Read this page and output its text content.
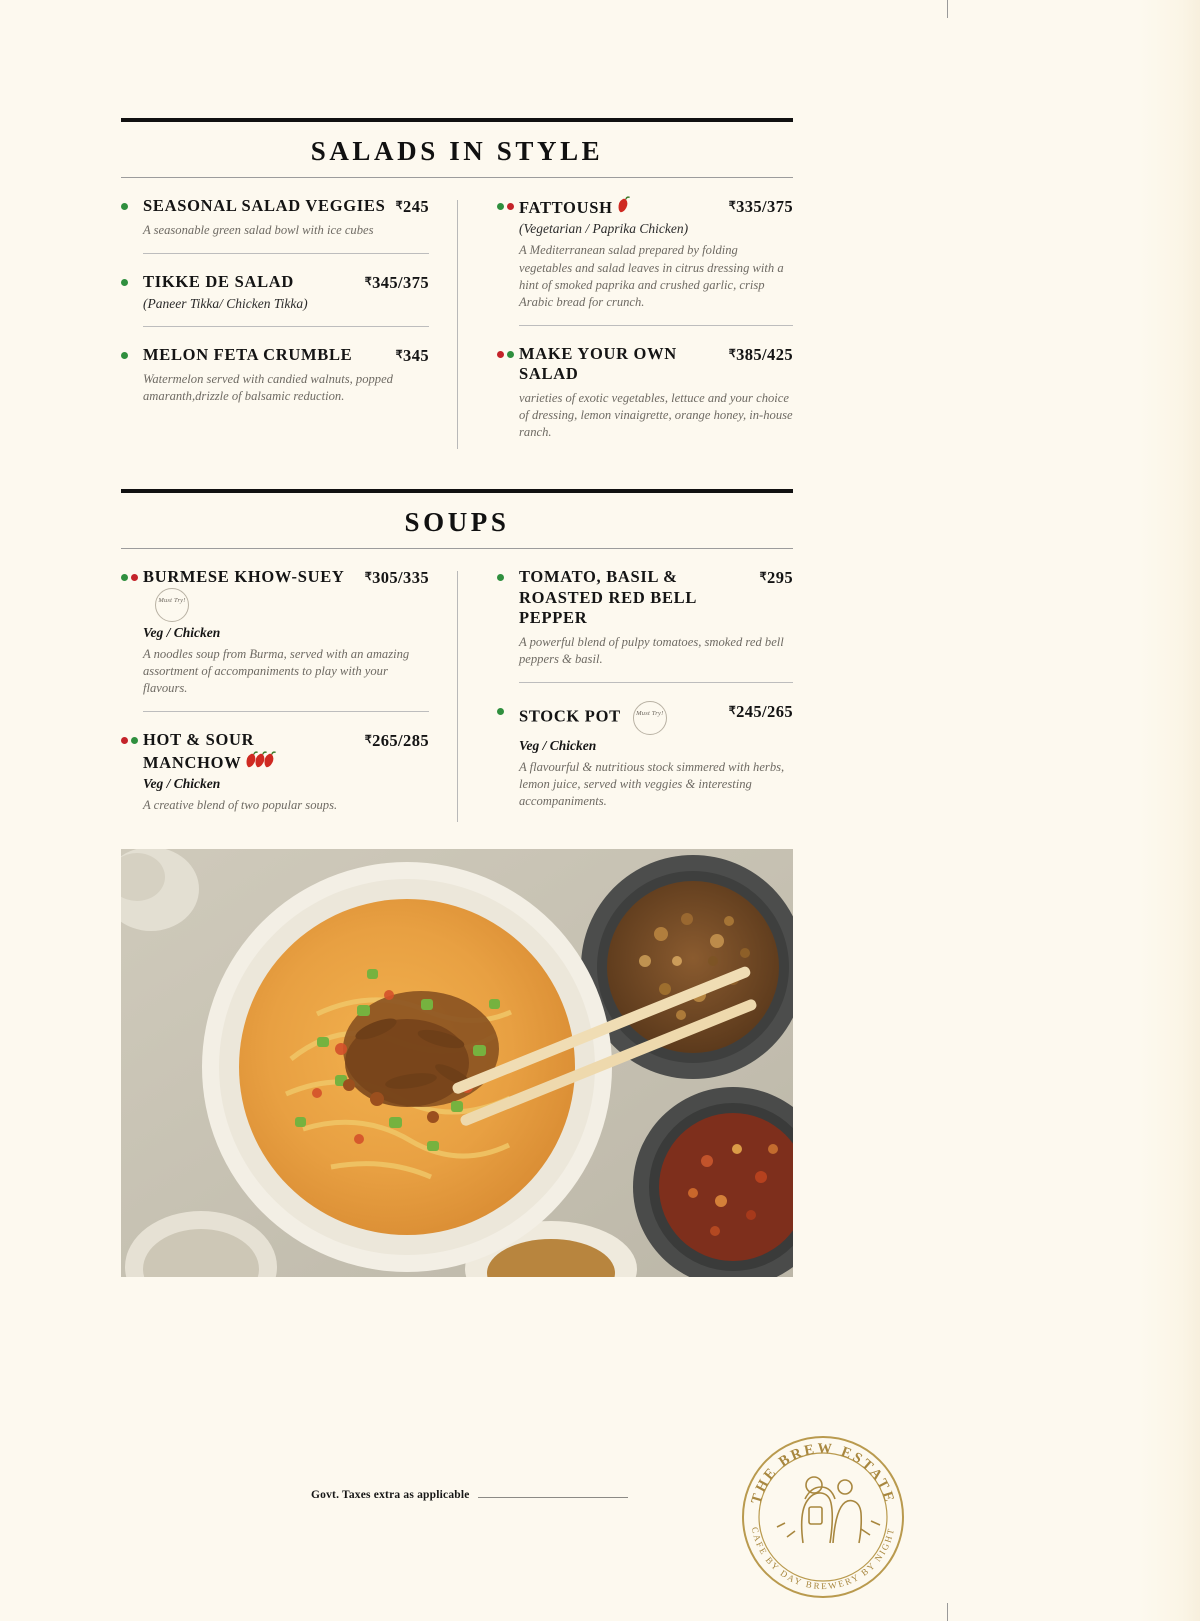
SALADS IN STYLE
SEASONAL SALAD VEGGIES ₹245
A seasonable green salad bowl with ice cubes
TIKKE DE SALAD	₹345/375
(Paneer Tikka/ Chicken Tikka)
MELON FETA CRUMBLE	₹345
Watermelon served with candied walnuts, popped amaranth,drizzle of balsamic reduction.
FATTOUSH	₹335/375
(Vegetarian / Paprika Chicken)
A Mediterranean salad prepared by folding vegetables and salad leaves in citrus dressing with a hint of smoked paprika and crushed garlic, crisp Arabic bread for crunch.
MAKE YOUR OWN SALAD
₹385/425
varieties of exotic vegetables, lettuce and your choice of dressing, lemon vinaigrette, orange honey, in-house ranch.
SOUPS
BURMESE KHOW-SUEYMust Try!
₹305/335
Veg / Chicken
A noodles soup from Burma, served with an amazing assortment of accompaniments to play with your flavours.
HOT & SOUR MANCHOW
₹265/285
Veg / Chicken
A creative blend of two popular soups.
TOMATO, BASIL & ROASTED RED BELL PEPPER
₹295
A powerful blend of pulpy tomatoes, smoked red bell peppers & basil.
STOCK POT Must Try!	₹245/265
Veg / Chicken
A flavourful & nutritious stock simmered with herbs, lemon juice, served with veggies & interesting accompaniments.
Govt. Taxes extra as applicable	THE BREW ESTATE
CAFE BY DAY BREWERY BY NIGHT
